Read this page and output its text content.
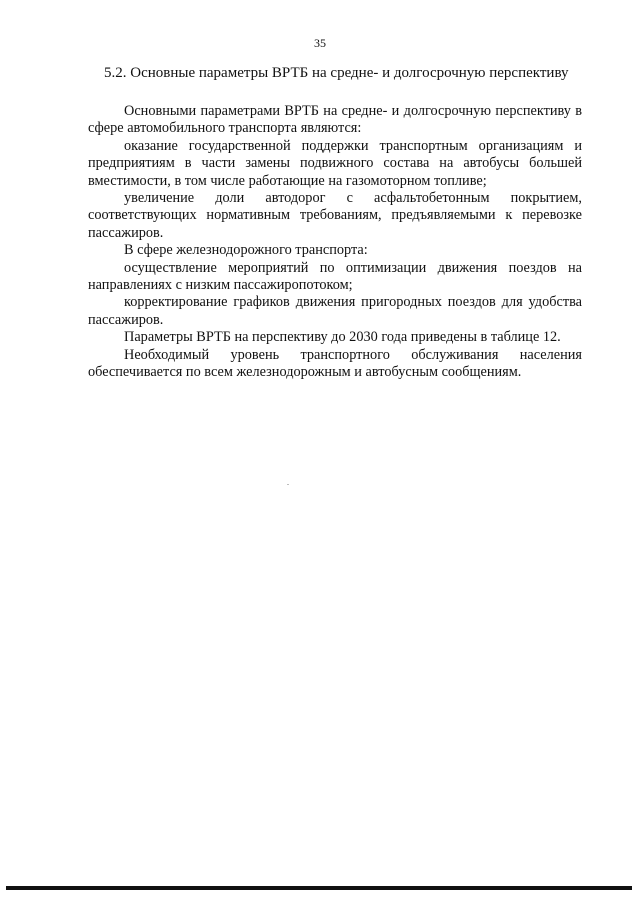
35
5.2. Основные параметры ВРТБ на средне- и долгосрочную перспективу

Основными параметрами ВРТБ на средне- и долгосрочную перспективу в сфере автомобильного транспорта являются:

оказание государственной поддержки транспортным организациям и предприятиям в части замены подвижного состава на автобусы большей вместимости, в том числе работающие на газомоторном топливе;

увеличение доли автодорог с асфальтобетонным покрытием, соответствующих нормативным требованиям, предъявляемыми к перевозке пассажиров.

В сфере железнодорожного транспорта:

осуществление мероприятий по оптимизации движения поездов на направлениях с низким пассажиропотоком;

корректирование графиков движения пригородных поездов для удобства пассажиров.

Параметры ВРТБ на перспективу до 2030 года приведены в таблице 12.

Необходимый уровень транспортного обслуживания населения обеспечивается по всем железнодорожным и автобусным сообщениям.
